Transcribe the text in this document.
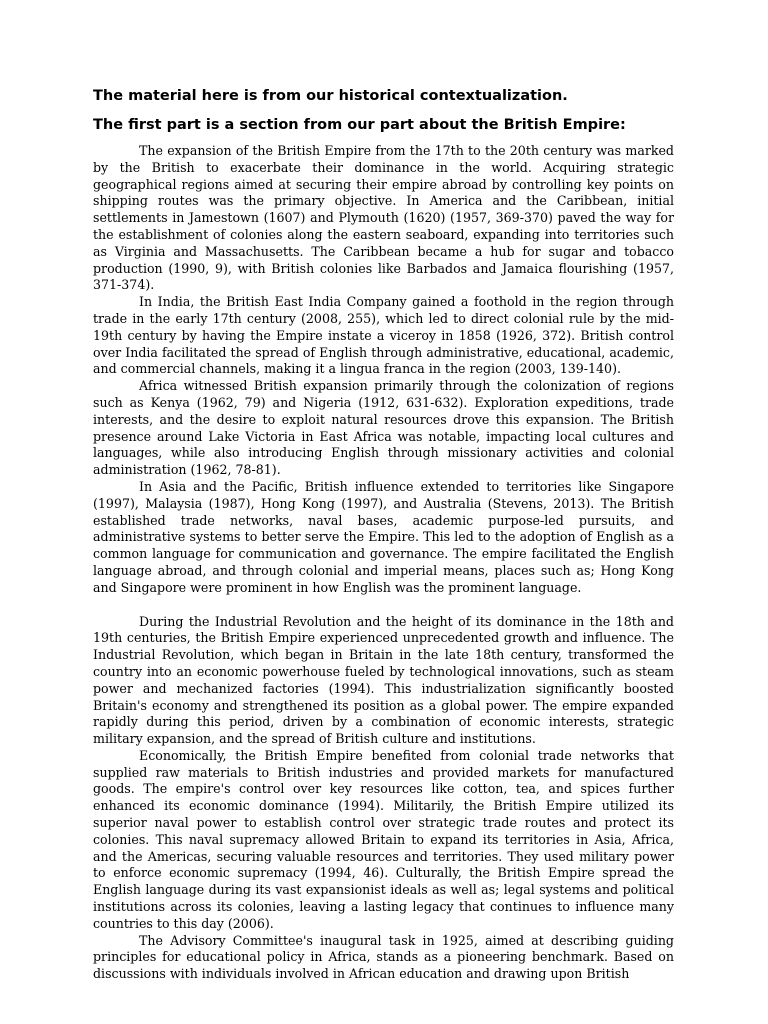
The material here is from our historical contextualization.
The first part is a section from our part about the British Empire:

The expansion of the British Empire from the 17th to the 20th century was marked by the British to exacerbate their dominance in the world. Acquiring strategic geographical regions aimed at securing their empire abroad by controlling key points on shipping routes was the primary objective. In America and the Caribbean, initial settlements in Jamestown (1607) and Plymouth (1620) (1957, 369-370) paved the way for the establishment of colonies along the eastern seaboard, expanding into territories such as Virginia and Massachusetts. The Caribbean became a hub for sugar and tobacco production (1990, 9), with British colonies like Barbados and Jamaica flourishing (1957, 371-374).

In India, the British East India Company gained a foothold in the region through trade in the early 17th century (2008, 255), which led to direct colonial rule by the mid-19th century by having the Empire instate a viceroy in 1858 (1926, 372). British control over India facilitated the spread of English through administrative, educational, academic, and commercial channels, making it a lingua franca in the region (2003, 139-140).

Africa witnessed British expansion primarily through the colonization of regions such as Kenya (1962, 79) and Nigeria (1912, 631-632). Exploration expeditions, trade interests, and the desire to exploit natural resources drove this expansion. The British presence around Lake Victoria in East Africa was notable, impacting local cultures and languages, while also introducing English through missionary activities and colonial administration (1962, 78-81).

In Asia and the Pacific, British influence extended to territories like Singapore (1997), Malaysia (1987), Hong Kong (1997), and Australia (Stevens, 2013). The British established trade networks, naval bases, academic purpose-led pursuits, and administrative systems to better serve the Empire. This led to the adoption of English as a common language for communication and governance. The empire facilitated the English language abroad, and through colonial and imperial means, places such as; Hong Kong and Singapore were prominent in how English was the prominent language.

During the Industrial Revolution and the height of its dominance in the 18th and 19th centuries, the British Empire experienced unprecedented growth and influence. The Industrial Revolution, which began in Britain in the late 18th century, transformed the country into an economic powerhouse fueled by technological innovations, such as steam power and mechanized factories (1994). This industrialization significantly boosted Britain's economy and strengthened its position as a global power. The empire expanded rapidly during this period, driven by a combination of economic interests, strategic military expansion, and the spread of British culture and institutions.

Economically, the British Empire benefited from colonial trade networks that supplied raw materials to British industries and provided markets for manufactured goods. The empire's control over key resources like cotton, tea, and spices further enhanced its economic dominance (1994). Militarily, the British Empire utilized its superior naval power to establish control over strategic trade routes and protect its colonies. This naval supremacy allowed Britain to expand its territories in Asia, Africa, and the Americas, securing valuable resources and territories. They used military power to enforce economic supremacy (1994, 46). Culturally, the British Empire spread the English language during its vast expansionist ideals as well as; legal systems and political institutions across its colonies, leaving a lasting legacy that continues to influence many countries to this day (2006).

The Advisory Committee's inaugural task in 1925, aimed at describing guiding principles for educational policy in Africa, stands as a pioneering benchmark. Based on discussions with individuals involved in African education and drawing upon British
